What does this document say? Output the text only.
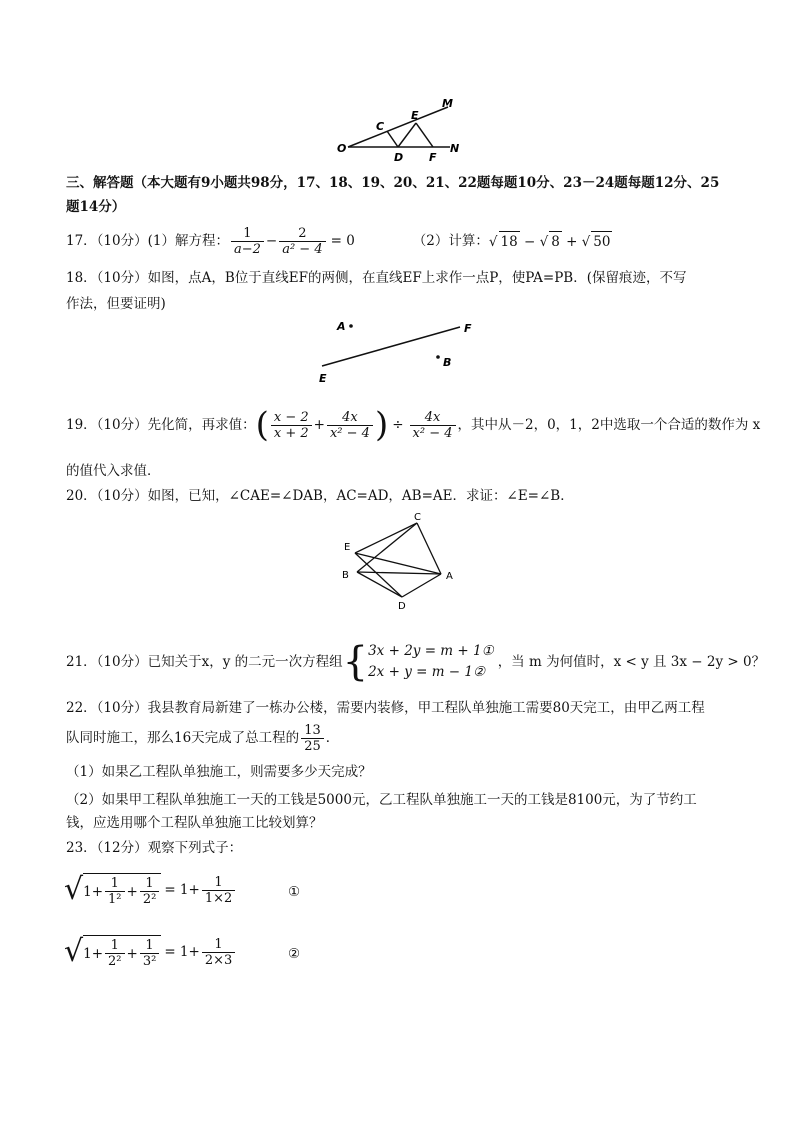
O
C
E
M
D F
N
三、解答题（本大题有9小题共98分，17、18、19、20、21、22题每题10分、23－24题每题12分、25
题14分）
17．（10分）(1）解方程： $\frac{1}{a-2} - \frac{2}{\text{a² − 4}} = 0$	（2）计算： √ 18 − √ 8 + √ 50
18．（10分）如图，点A，B位于直线EF的两侧，在直线EF上求作一点P，使PA=PB．(保留痕迹，不写
作法，但要证明)
A	F
B
E
19．（10分）先化简，再求值： ( $\frac{x - 2}{x + 2} + \frac{4x}{\text{x² − 4}}$ ) ÷ $\frac{4x}{\text{x² − 4}}$ ，其中从－2，0，1，2中选取一个合适的数作为 x
的值代入求值．
20．（10分）如图，已知，∠CAE=∠DAB，AC=AD，AB=AE．求证：∠E=∠B．
C
E
B	A
D
21．（10分）已知关于x，y 的二元一次方程组 { 3x + 2y = m + 1①
2x + y = m − 1②
，当 m 为何值时，x < y 且 3x − 2y > 0？
22．（10分）我县教育局新建了一栋办公楼，需要内装修，甲工程队单独施工需要80天完工，由甲乙两工程
队同时施工，那么16天完成了总工程的 $\frac{13}{25}$ ．
（1）如果乙工程队单独施工，则需要多少天完成？
（2）如果甲工程队单独施工一天的工钱是5000元，乙工程队单独施工一天的工钱是8100元，为了节约工
钱，应选用哪个工程队单独施工比较划算？
23．（12分）观察下列式子：
√ $1+ \frac{1}{\text{1²}} + \frac{1}{\text{2²}} = 1+ \frac{1}{1\times 2}$	①
√ $1+ \frac{1}{\text{2²}} + \frac{1}{\text{3²}} = 1+ \frac{1}{2\times 3}$	②
